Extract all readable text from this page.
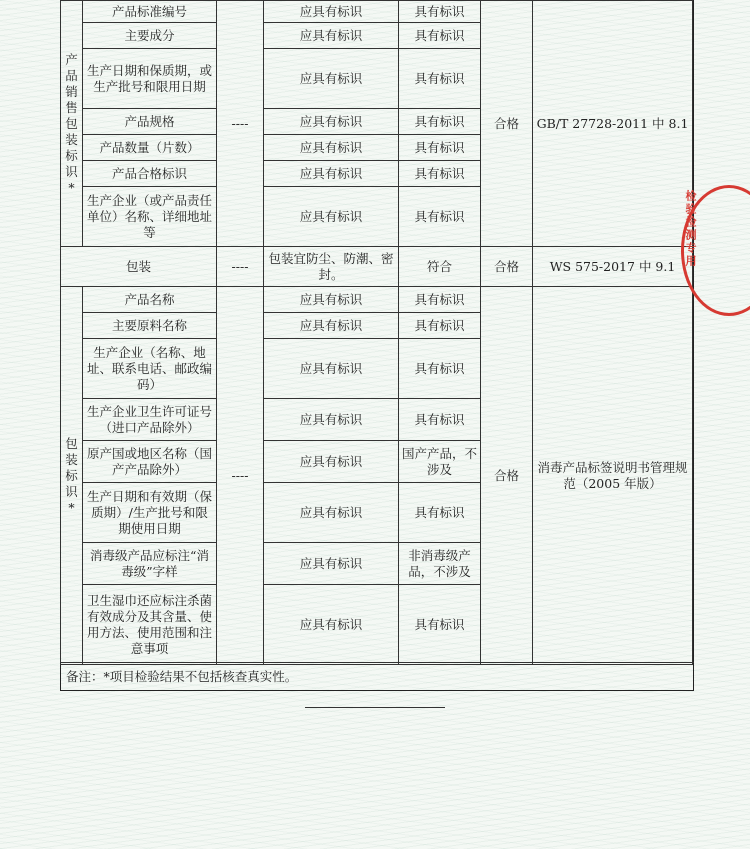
产品销售包装标识*	产品标准编号	----	应具有标识	具有标识	合格	GB/T 27728-2011 中 8.1
	主要成分		应具有标识	具有标识		
	生产日期和保质期，或生产批号和限用日期		应具有标识	具有标识		
	产品规格		应具有标识	具有标识		
	产品数量（片数）		应具有标识	具有标识		
	产品合格标识		应具有标识	具有标识		
	生产企业（或产品责任单位）名称、详细地址等		应具有标识	具有标识		
包装		----	包装宜防尘、防潮、密封。	符合	合格	WS 575-2017 中 9.1
包装标识*	产品名称	----	应具有标识	具有标识	合格	消毒产品标签说明书管理规范（2005 年版）
	主要原料名称		应具有标识	具有标识		
	生产企业（名称、地址、联系电话、邮政编码）		应具有标识	具有标识		
	生产企业卫生许可证号（进口产品除外）		应具有标识	具有标识		
	原产国或地区名称（国产产品除外）		应具有标识	国产产品，不涉及		
	生产日期和有效期（保质期）/生产批号和限期使用日期		应具有标识	具有标识		
	消毒级产品应标注“消毒级”字样		应具有标识	非消毒级产品，不涉及		
	卫生湿巾还应标注杀菌有效成分及其含量、使用方法、使用范围和注意事项		应具有标识	具有标识		
备注：*项目检验结果不包括核查真实性。
检验检测专用
